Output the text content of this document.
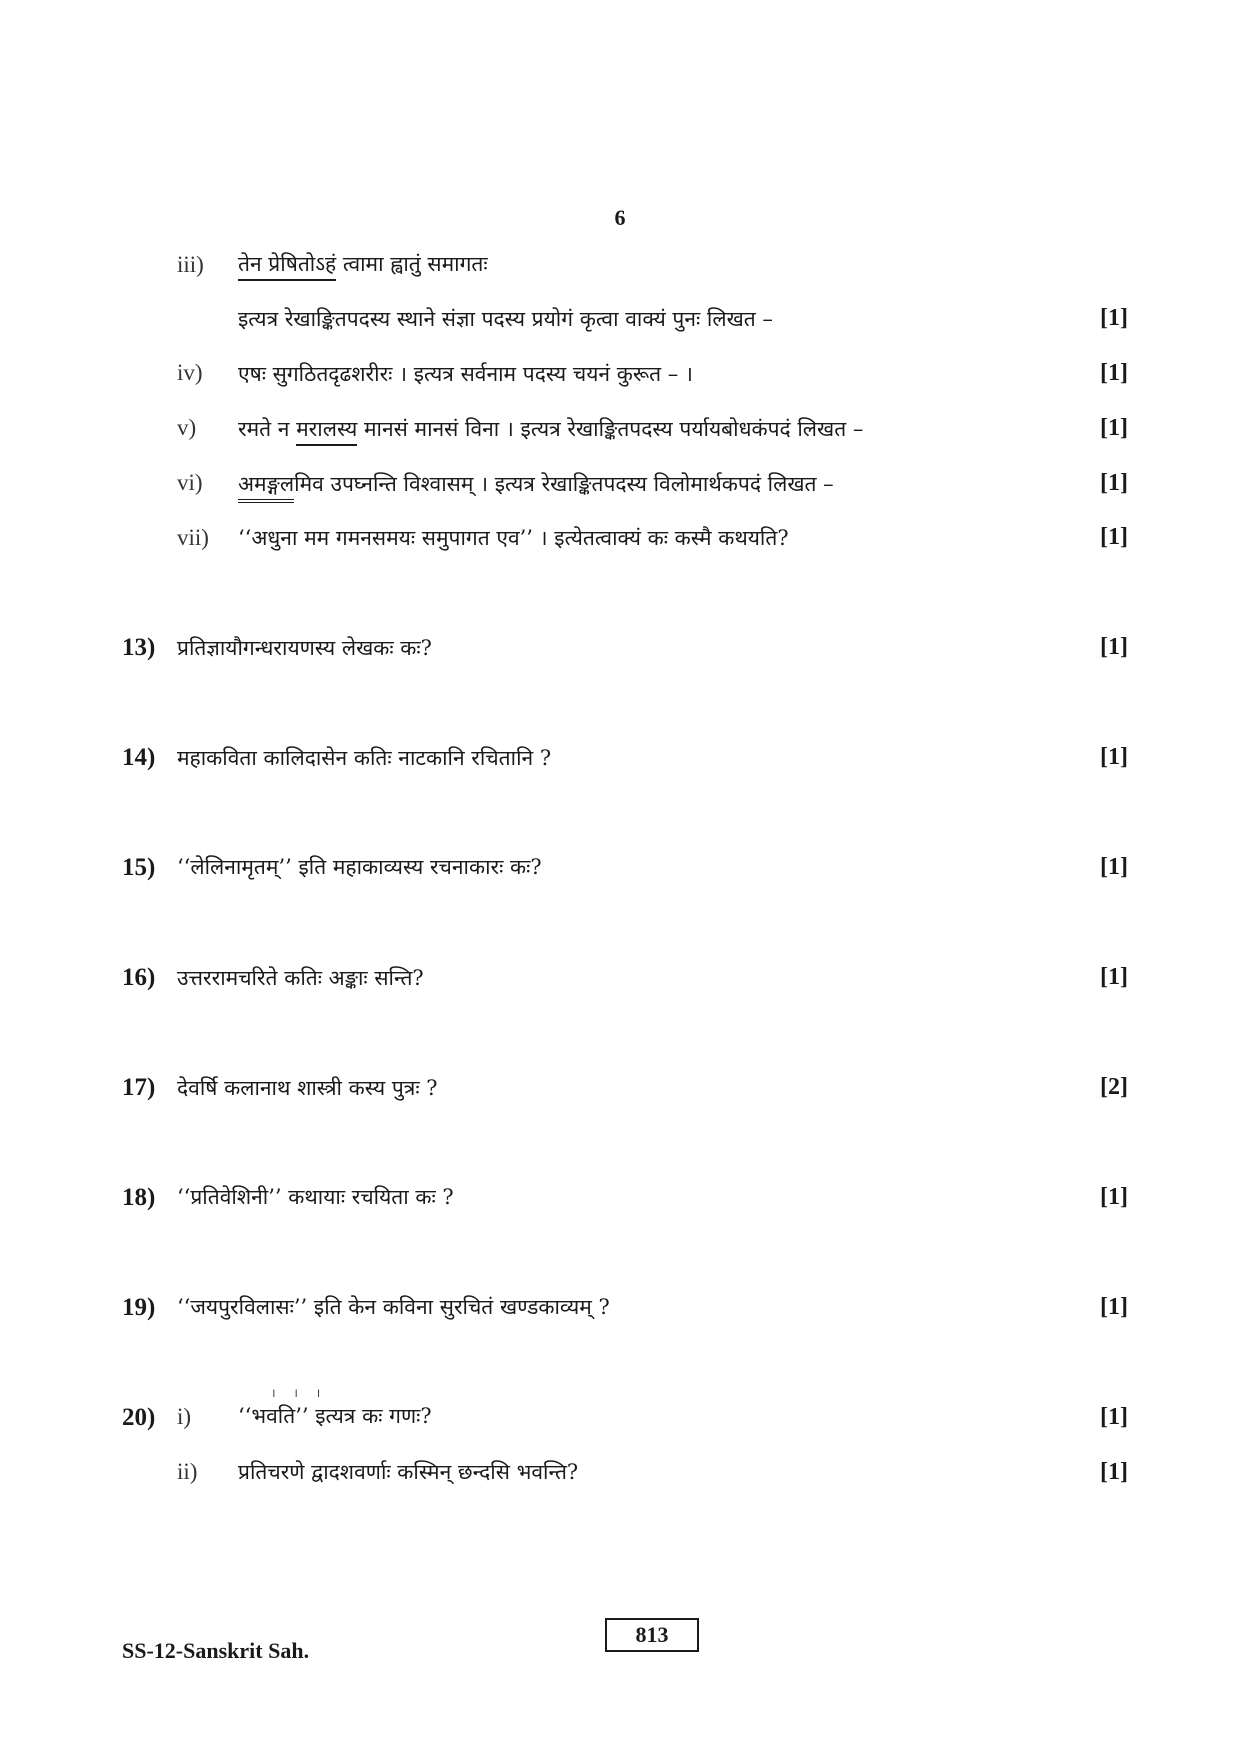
6
iii) तेन प्रेषितोऽहं त्वामा ह्वातुं समागतः
इत्यत्र रेखाङ्कितपदस्य स्थाने संज्ञा पदस्य प्रयोगं कृत्वा वाक्यं पुनः लिखत –	[1]
iv) एषः सुगठितदृढशरीरः । इत्यत्र सर्वनाम पदस्य चयनं कुरूत – ।	[1]
v) रमते न मरालस्य मानसं मानसं विना । इत्यत्र रेखाङ्कितपदस्य पर्यायबोधकंपदं लिखत –	[1]
vi) अमङ्गलमिव उपघ्नन्ति विश्वासम् । इत्यत्र रेखाङ्कितपदस्य विलोमार्थकपदं लिखत –	[1]
vii) ‘‘अधुना मम गमनसमयः समुपागत एव’’ । इत्येतत्वाक्यं कः कस्मै कथयति?	[1]
13) प्रतिज्ञायौगन्धरायणस्य लेखकः कः?	[1]
14) महाकविता कालिदासेन कतिः नाटकानि रचितानि ?	[1]
15) ‘‘लेलिनामृतम्’’ इति महाकाव्यस्य रचनाकारः कः?	[1]
16) उत्तररामचरिते कतिः अङ्काः सन्ति?	[1]
17) देवर्षि कलानाथ शास्त्री कस्य पुत्रः ?	[2]
18) ‘‘प्रतिवेशिनी’’ कथायाः रचयिता कः ?	[1]
19) ‘‘जयपुरविलासः’’ इति केन कविना सुरचितं खण्डकाव्यम् ?	[1]
। । ।
20) i) ‘‘भवति’’ इत्यत्र कः गणः?	[1]
ii) प्रतिचरणे द्वादशवर्णाः कस्मिन् छन्दसि भवन्ति?	[1]
SS-12-Sanskrit Sah.
813
